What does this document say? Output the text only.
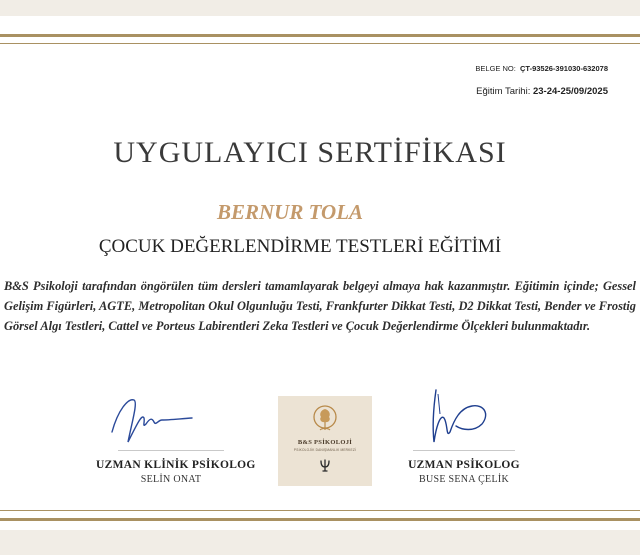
BELGE NO: ÇT-93526-391030-632078
Eğitim Tarihi: 23-24-25/09/2025
UYGULAYICI SERTİFİKASI
BERNUR TOLA
ÇOCUK DEĞERLENDİRME TESTLERİ EĞİTİMİ
B&S Psikoloji tarafından öngörülen tüm dersleri tamamlayarak belgeyi almaya hak kazanmıştır. Eğitimin içinde; Gessel Gelişim Figürleri, AGTE, Metropolitan Okul Olgunluğu Testi, Frankfurter Dikkat Testi, D2 Dikkat Testi, Bender ve Frostig Görsel Algı Testleri, Cattel ve Porteus Labirentleri Zeka Testleri ve Çocuk Değerlendirme Ölçekleri bulunmaktadır.
UZMAN KLİNİK PSİKOLOG
SELİN ONAT
B&S PSİKOLOJİ
PSİKOLOJİK DANIŞMANLIK MERKEZİ
UZMAN PSİKOLOG
BUSE SENA ÇELİK
